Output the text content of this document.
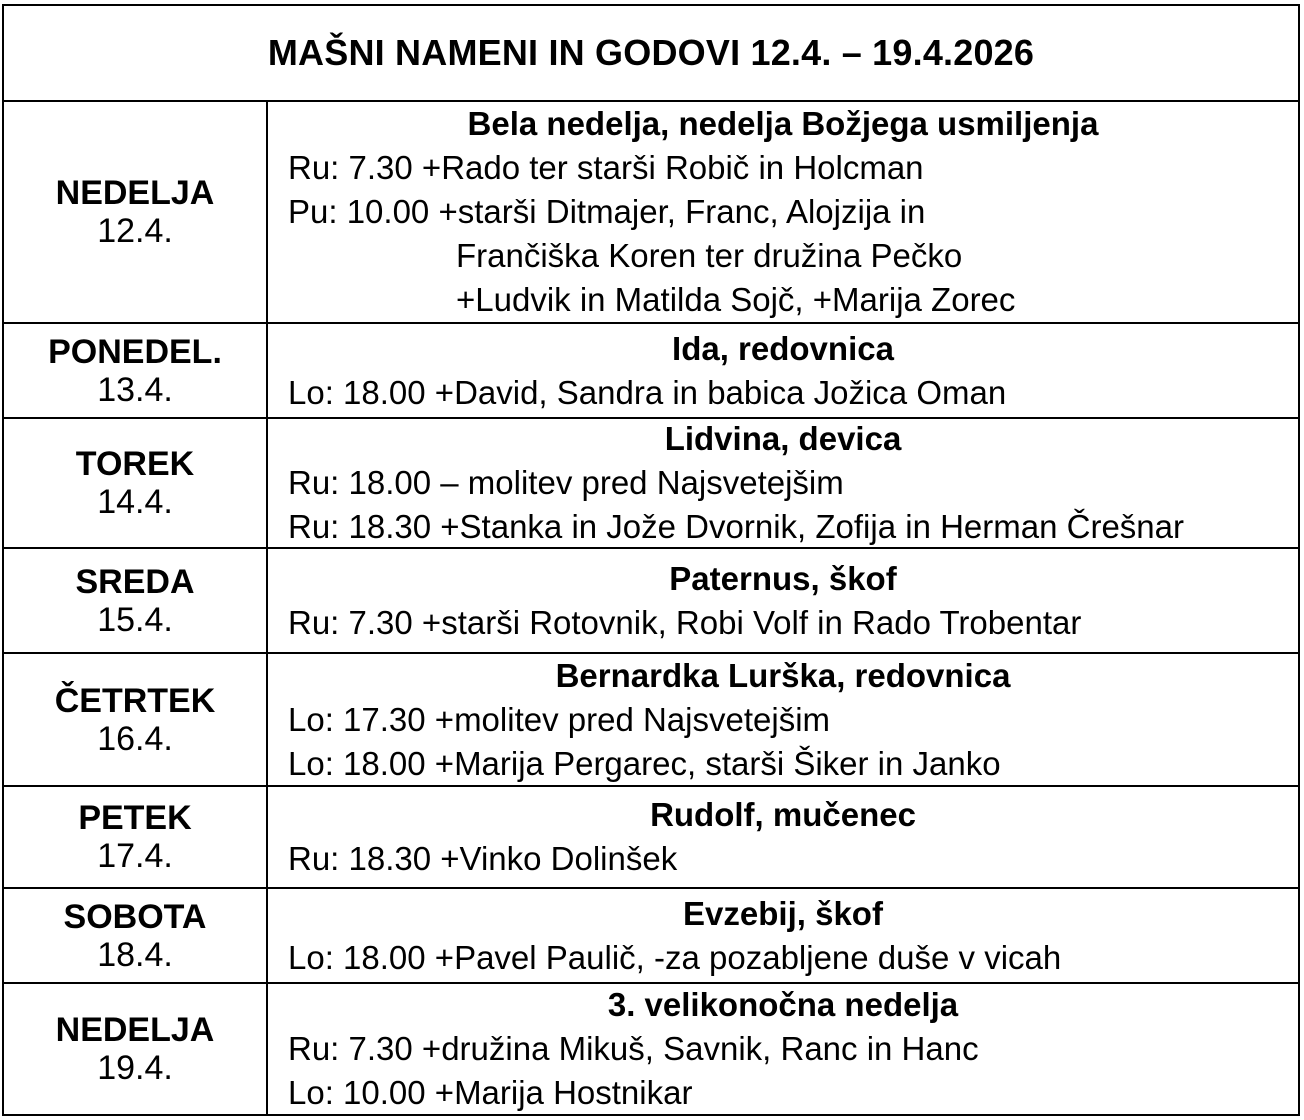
MAŠNI NAMENI IN GODOVI 12.4. – 19.4.2026
NEDELJA
12.4.
Bela nedelja, nedelja Božjega usmiljenja
Ru: 7.30 +Rado ter starši Robič in Holcman
Pu: 10.00 +starši Ditmajer, Franc, Alojzija in
Frančiška Koren ter družina Pečko
+Ludvik in Matilda Sojč, +Marija Zorec
PONEDEL.
13.4.
Ida, redovnica
Lo: 18.00 +David, Sandra in babica Jožica Oman
TOREK
14.4.
Lidvina, devica
Ru: 18.00 – molitev pred Najsvetejšim
Ru: 18.30 +Stanka in Jože Dvornik, Zofija in Herman Črešnar
SREDA
15.4.
Paternus, škof
Ru: 7.30 +starši Rotovnik, Robi Volf in Rado Trobentar
ČETRTEK
16.4.
Bernardka Lurška, redovnica
Lo: 17.30 +molitev pred Najsvetejšim
Lo: 18.00 +Marija Pergarec, starši Šiker in Janko
PETEK
17.4.
Rudolf, mučenec
Ru: 18.30 +Vinko Dolinšek
SOBOTA
18.4.
Evzebij, škof
Lo: 18.00 +Pavel Paulič, -za pozabljene duše v vicah
NEDELJA
19.4.
3. velikonočna nedelja
Ru: 7.30 +družina Mikuš, Savnik, Ranc in Hanc
Lo: 10.00 +Marija Hostnikar
